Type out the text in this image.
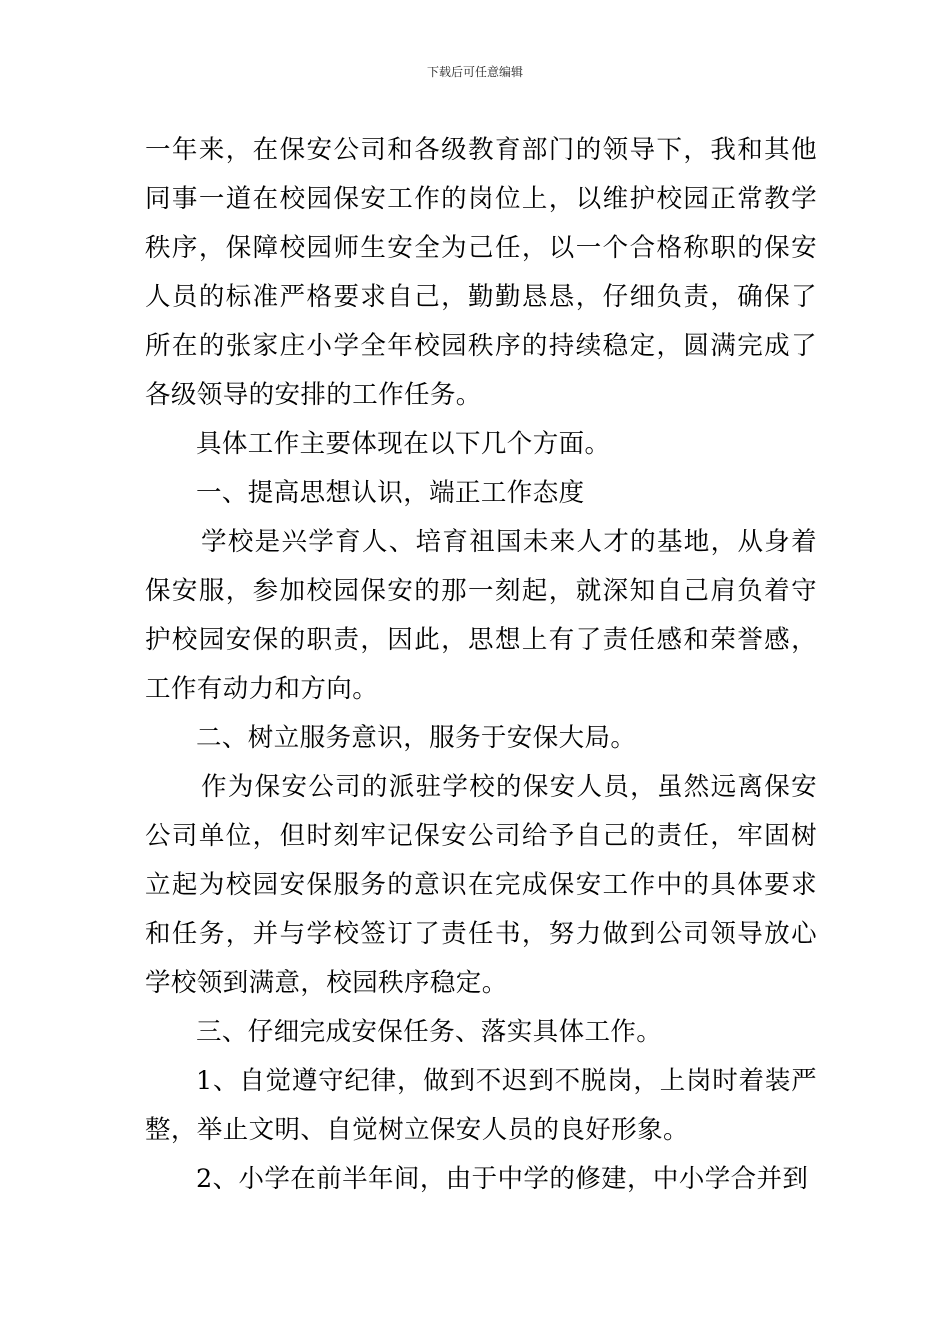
下载后可任意编辑

一年来，在保安公司和各级教育部门的领导下，我和其他同事一道在校园保安工作的岗位上，以维护校园正常教学秩序，保障校园师生安全为己任，以一个合格称职的保安人员的标准严格要求自己，勤勤恳恳，仔细负责，确保了所在的张家庄小学全年校园秩序的持续稳定，圆满完成了各级领导的安排的工作任务。

具体工作主要体现在以下几个方面。

一、提高思想认识，端正工作态度

学校是兴学育人、培育祖国未来人才的基地，从身着保安服，参加校园保安的那一刻起，就深知自己肩负着守护校园安保的职责，因此，思想上有了责任感和荣誉感，工作有动力和方向。

二、树立服务意识，服务于安保大局。

作为保安公司的派驻学校的保安人员，虽然远离保安公司单位，但时刻牢记保安公司给予自己的责任，牢固树立起为校园安保服务的意识在完成保安工作中的具体要求和任务，并与学校签订了责任书，努力做到公司领导放心学校领到满意，校园秩序稳定。

三、仔细完成安保任务、落实具体工作。

1、自觉遵守纪律，做到不迟到不脱岗，上岗时着装严整，举止文明、自觉树立保安人员的良好形象。

2、小学在前半年间，由于中学的修建，中小学合并到
